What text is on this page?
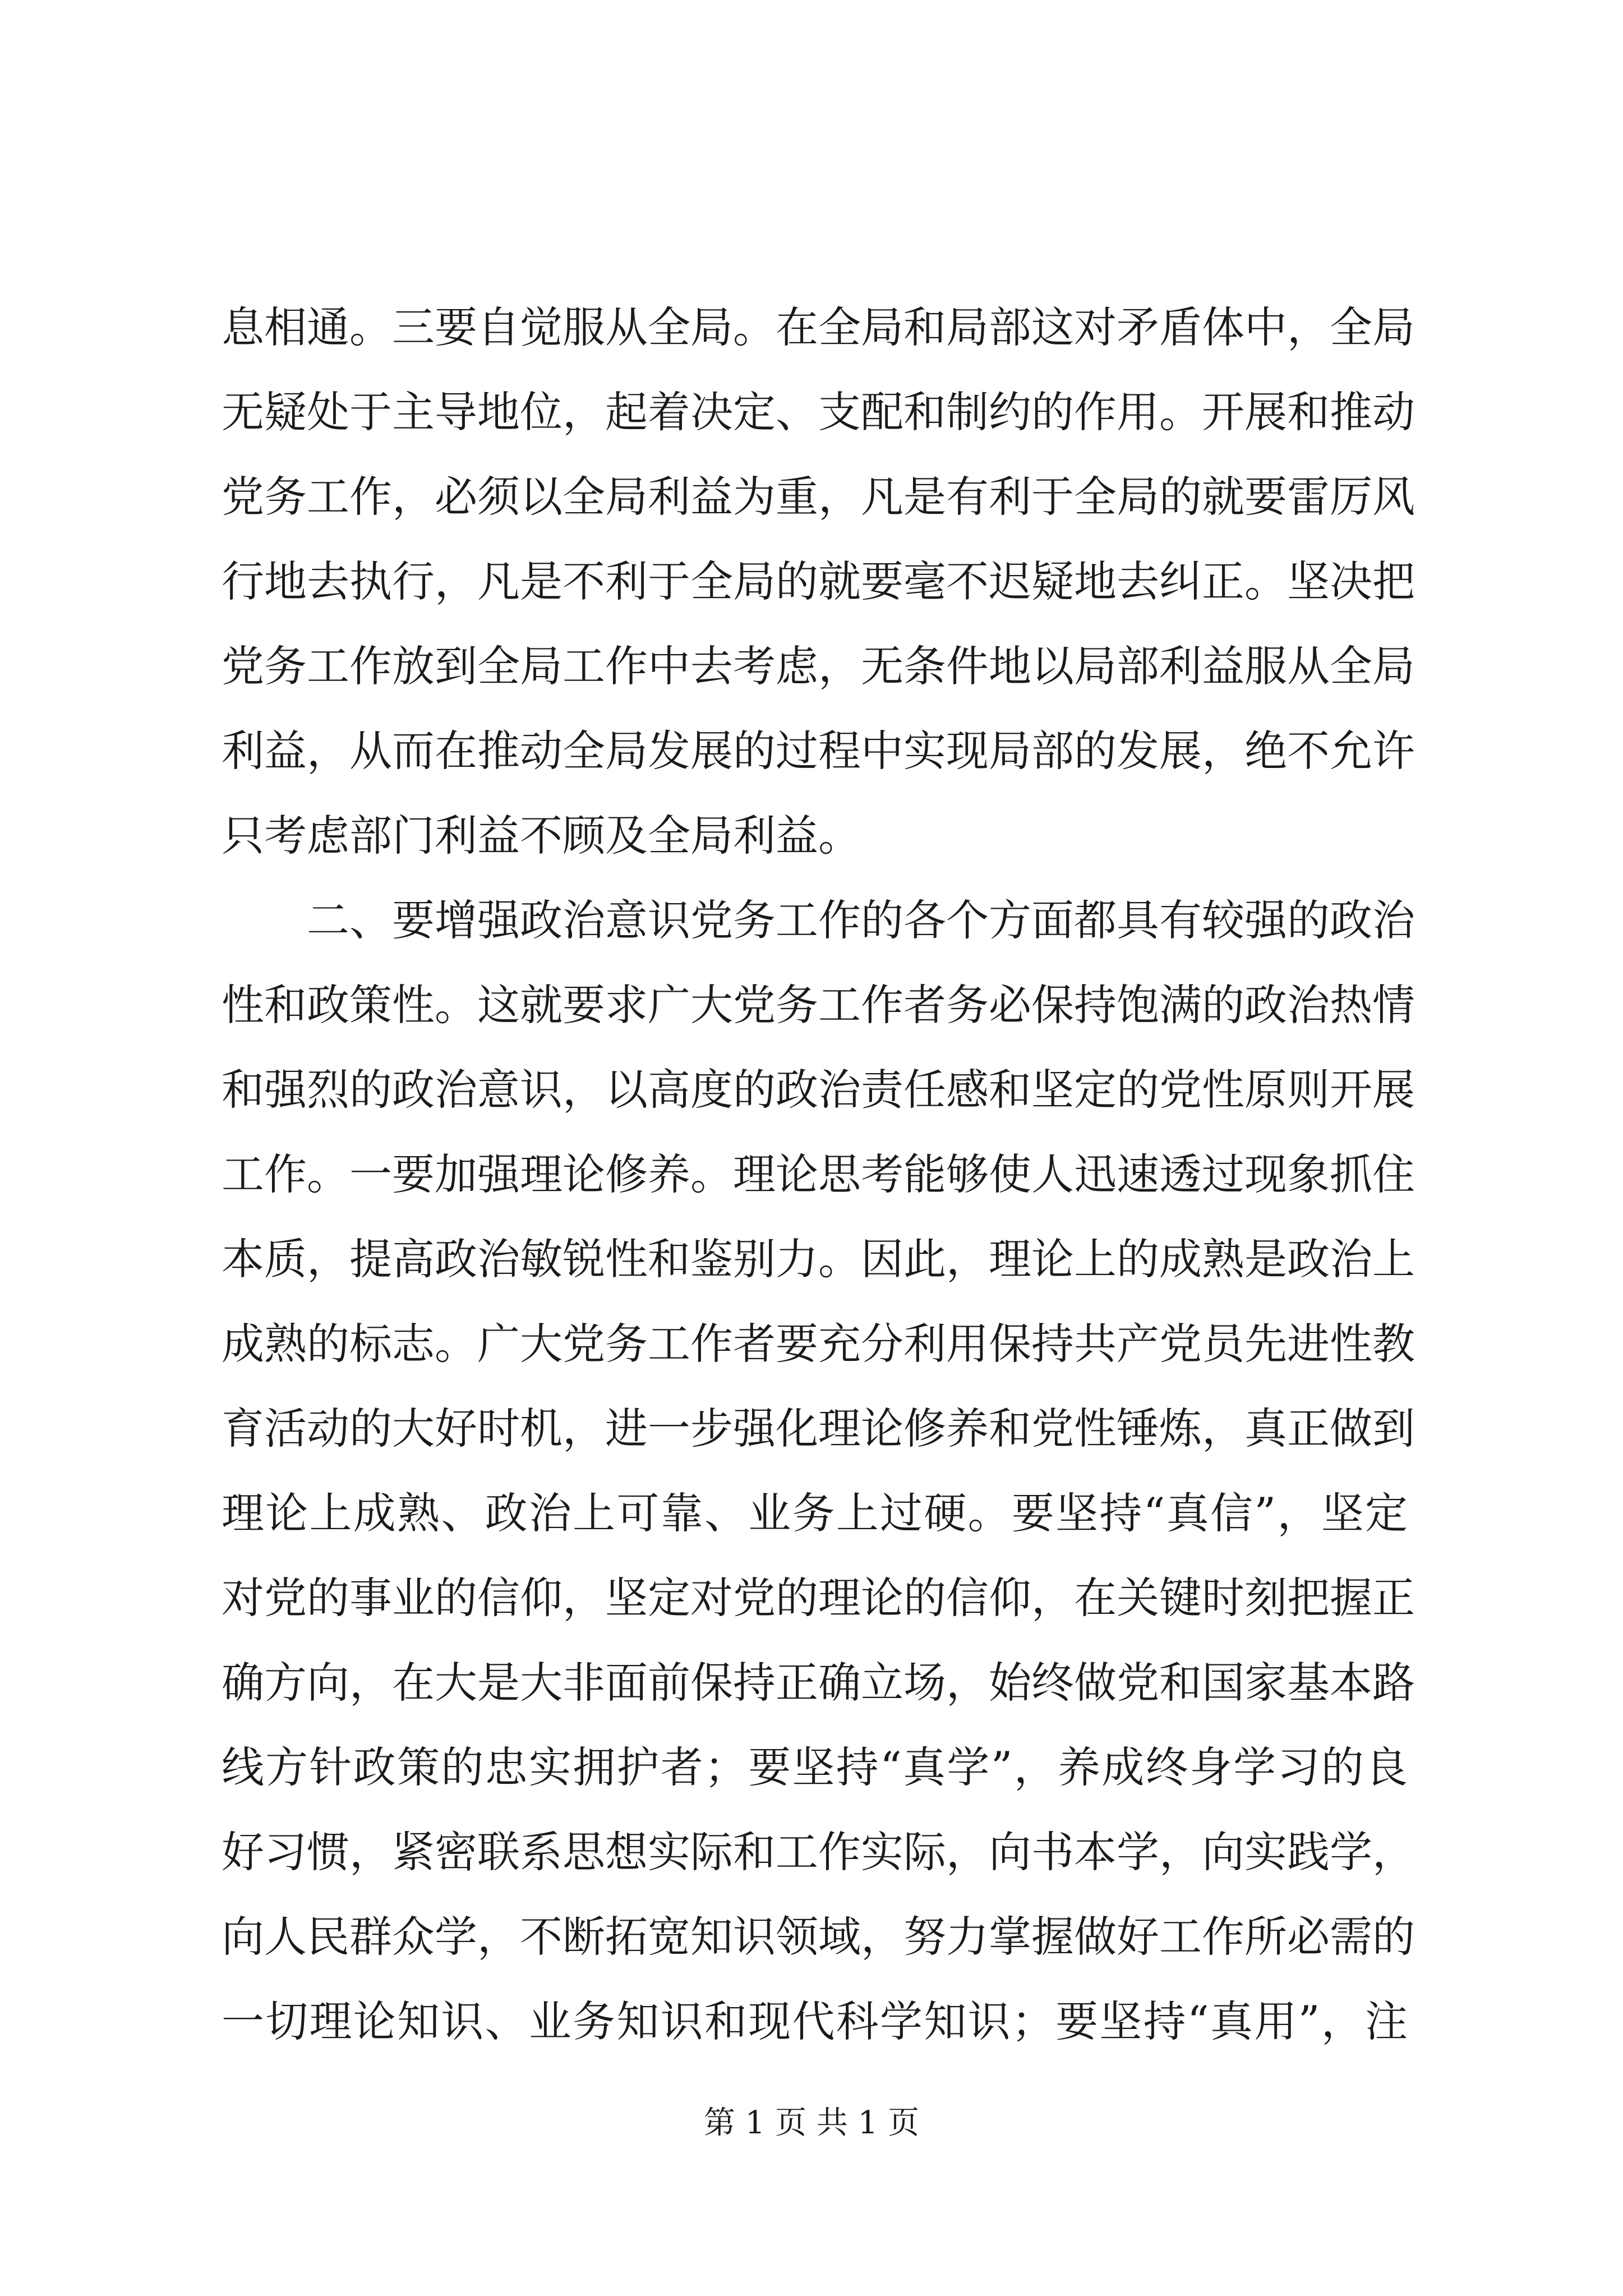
息相通。三要自觉服从全局。在全局和局部这对矛盾体中，全局
无疑处于主导地位，起着决定、支配和制约的作用。开展和推动
党务工作，必须以全局利益为重，凡是有利于全局的就要雷厉风
行地去执行，凡是不利于全局的就要毫不迟疑地去纠正。坚决把
党务工作放到全局工作中去考虑，无条件地以局部利益服从全局
利益，从而在推动全局发展的过程中实现局部的发展，绝不允许
只考虑部门利益不顾及全局利益。
二、要增强政治意识党务工作的各个方面都具有较强的政治
性和政策性。这就要求广大党务工作者务必保持饱满的政治热情
和强烈的政治意识，以高度的政治责任感和坚定的党性原则开展
工作。一要加强理论修养。理论思考能够使人迅速透过现象抓住
本质，提高政治敏锐性和鉴别力。因此，理论上的成熟是政治上
成熟的标志。广大党务工作者要充分利用保持共产党员先进性教
育活动的大好时机，进一步强化理论修养和党性锤炼，真正做到
理论上成熟、政治上可靠、业务上过硬。要坚持“真信”，坚定
对党的事业的信仰，坚定对党的理论的信仰，在关键时刻把握正
确方向，在大是大非面前保持正确立场，始终做党和国家基本路
线方针政策的忠实拥护者；要坚持“真学”，养成终身学习的良
好习惯，紧密联系思想实际和工作实际，向书本学，向实践学，
向人民群众学，不断拓宽知识领域，努力掌握做好工作所必需的
一切理论知识、业务知识和现代科学知识；要坚持“真用”，注
第 1 页 共 1 页
